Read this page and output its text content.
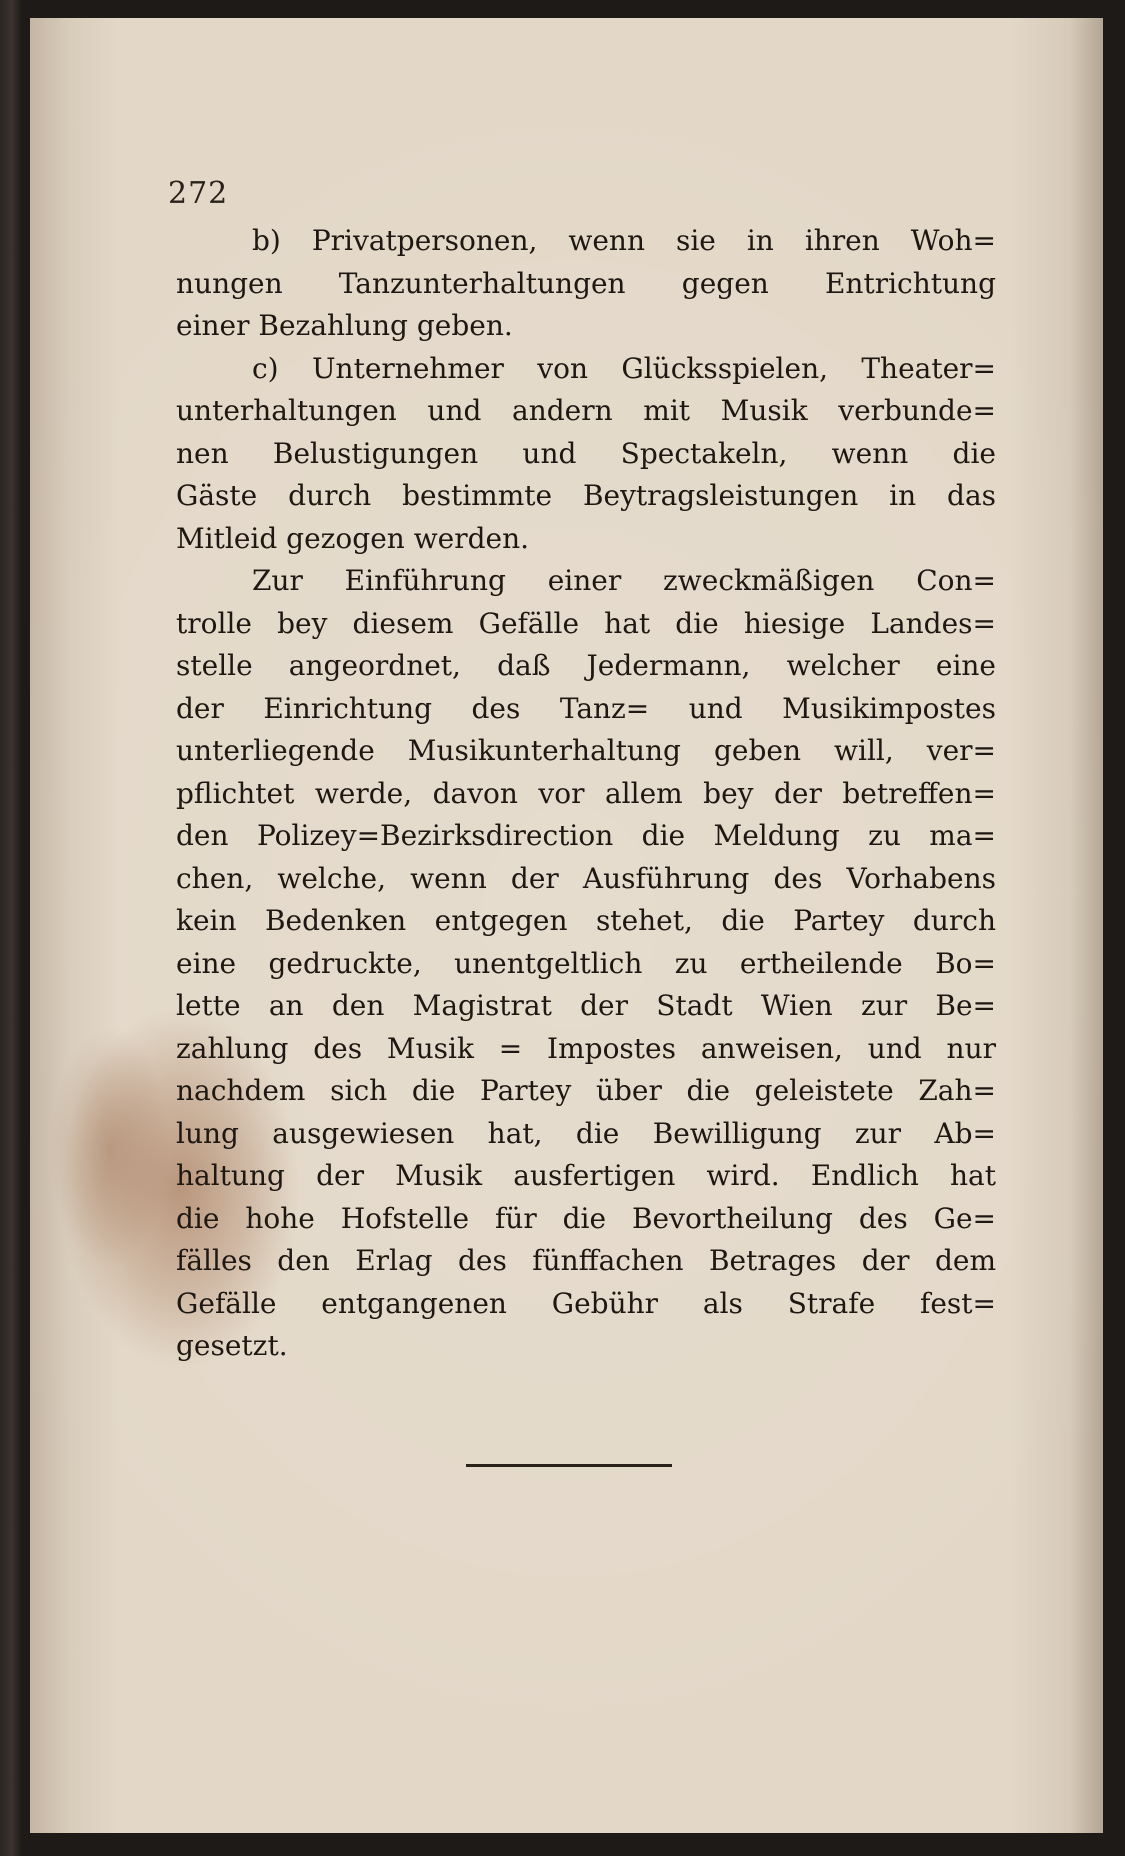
272
b) Privatpersonen, wenn sie in ihren Woh=
nungen Tanzunterhaltungen gegen Entrichtung
einer Bezahlung geben.
c) Unternehmer von Glücksspielen, Theater=
unterhaltungen und andern mit Musik verbunde=
nen Belustigungen und Spectakeln, wenn die
Gäste durch bestimmte Beytragsleistungen in das
Mitleid gezogen werden.
Zur Einführung einer zweckmäßigen Con=
trolle bey diesem Gefälle hat die hiesige Landes=
stelle angeordnet, daß Jedermann, welcher eine
der Einrichtung des Tanz= und Musikimpostes
unterliegende Musikunterhaltung geben will, ver=
pflichtet werde, davon vor allem bey der betreffen=
den Polizey=Bezirksdirection die Meldung zu ma=
chen, welche, wenn der Ausführung des Vorhabens
kein Bedenken entgegen stehet, die Partey durch
eine gedruckte, unentgeltlich zu ertheilende Bo=
lette an den Magistrat der Stadt Wien zur Be=
zahlung des Musik = Impostes anweisen, und nur
nachdem sich die Partey über die geleistete Zah=
lung ausgewiesen hat, die Bewilligung zur Ab=
haltung der Musik ausfertigen wird. Endlich hat
die hohe Hofstelle für die Bevortheilung des Ge=
fälles den Erlag des fünffachen Betrages der dem
Gefälle entgangenen Gebühr als Strafe fest=
gesetzt.
